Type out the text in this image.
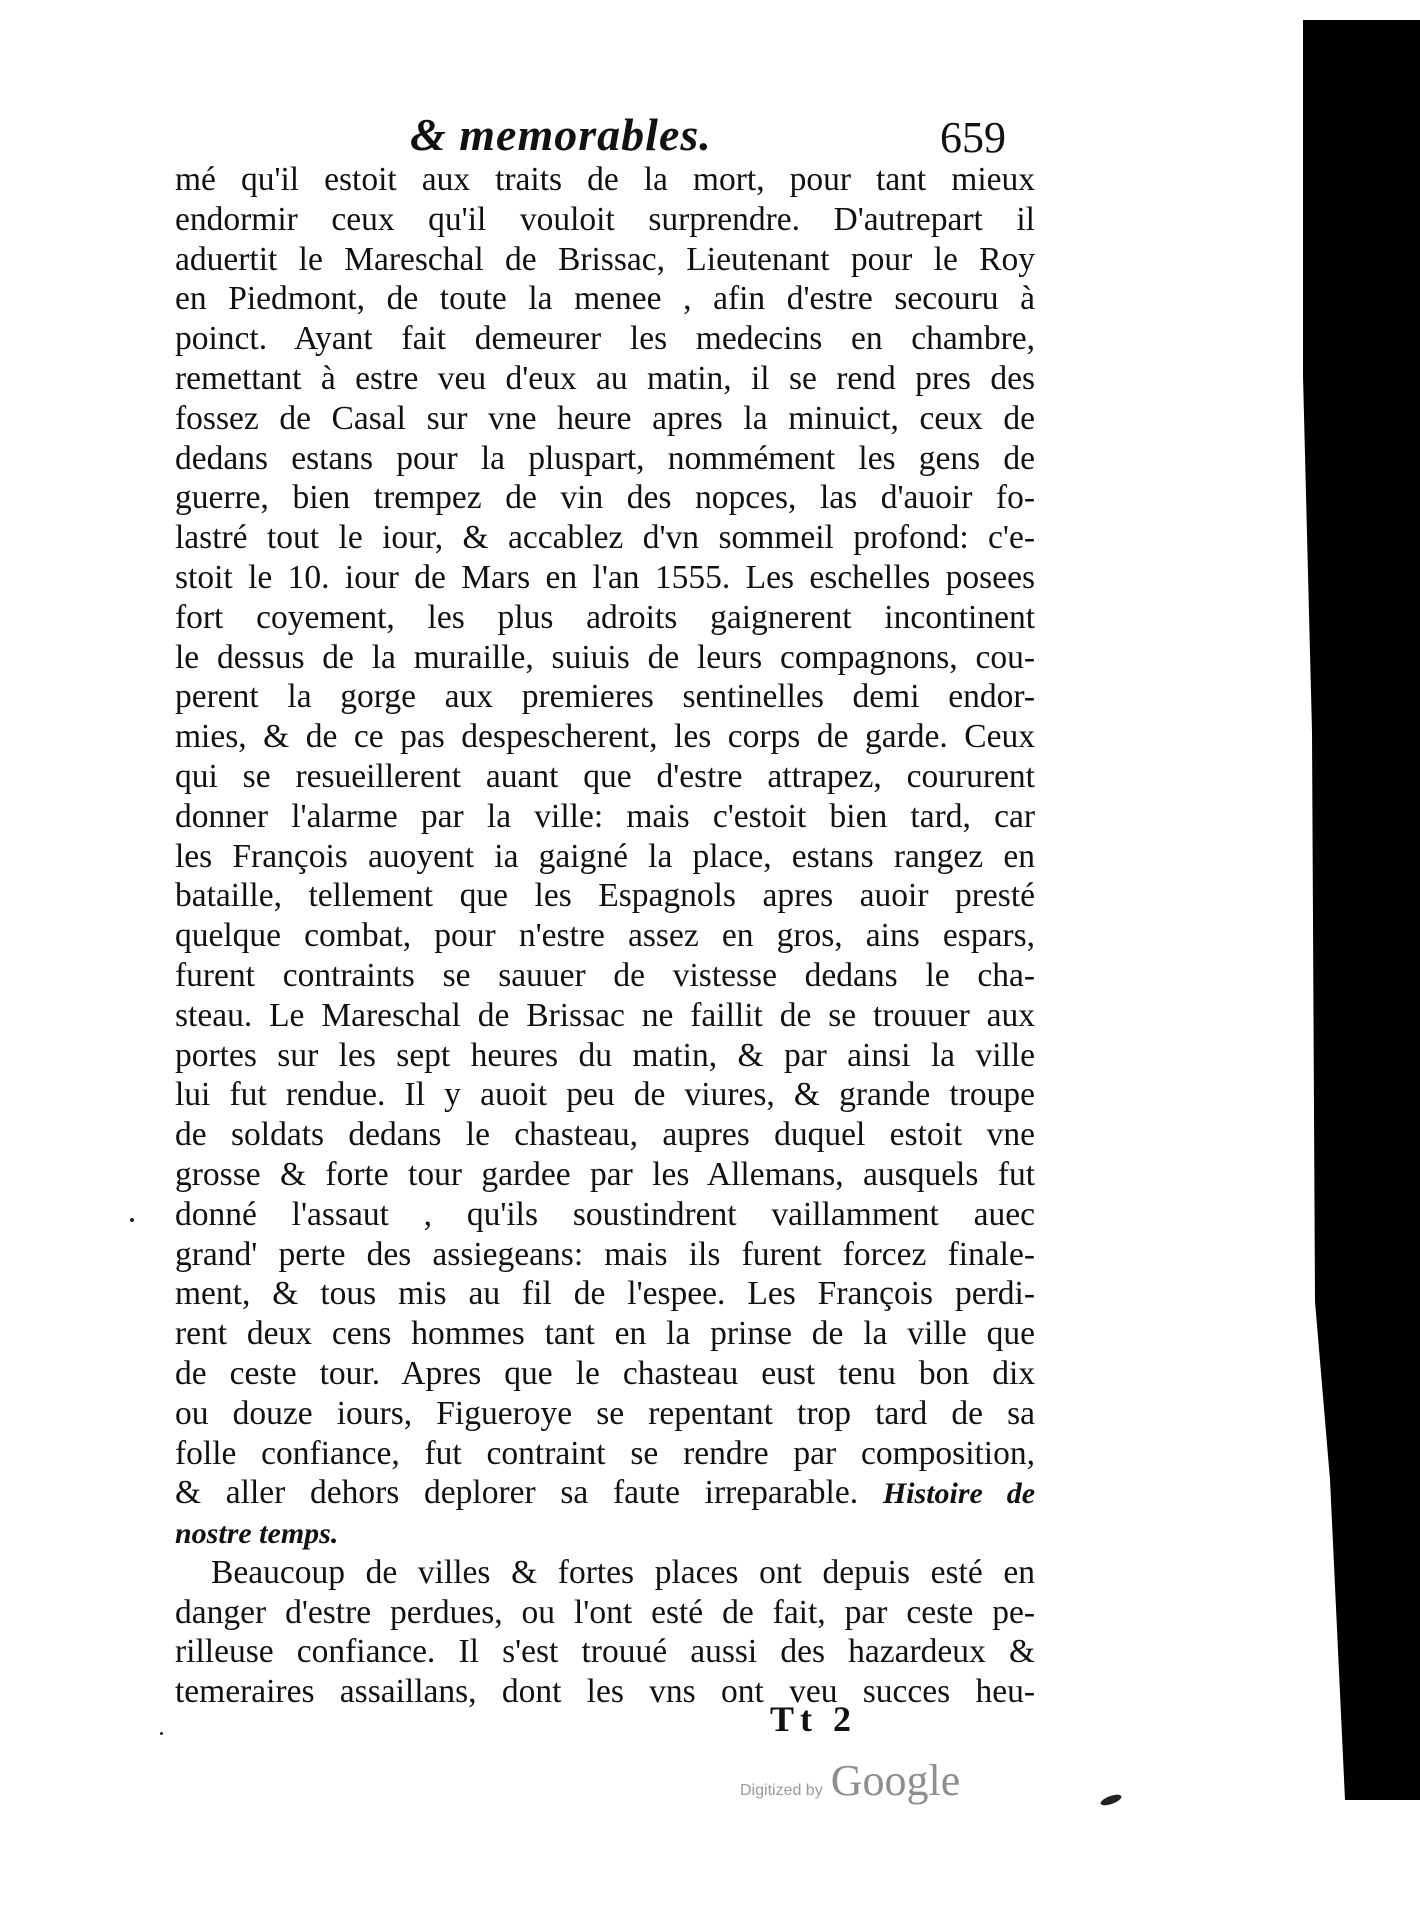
& memorables.	659
mé qu'il estoit aux traits de la mort, pour tant mieux
endormir ceux qu'il vouloit surprendre. D'autrepart il
aduertit le Mareschal de Brissac, Lieutenant pour le Roy
en Piedmont, de toute la menee , afin d'estre secouru à
poinct. Ayant fait demeurer les medecins en chambre,
remettant à estre veu d'eux au matin, il se rend pres des
fossez de Casal sur vne heure apres la minuict, ceux de
dedans estans pour la pluspart, nommément les gens de
guerre, bien trempez de vin des nopces, las d'auoir fo-
lastré tout le iour, & accablez d'vn sommeil profond: c'e-
stoit le 10. iour de Mars en l'an 1555. Les eschelles posees
fort coyement, les plus adroits gaignerent incontinent
le dessus de la muraille, suiuis de leurs compagnons, cou-
perent la gorge aux premieres sentinelles demi endor-
mies, & de ce pas despescherent, les corps de garde. Ceux
qui se resueillerent auant que d'estre attrapez, coururent
donner l'alarme par la ville: mais c'estoit bien tard, car
les François auoyent ia gaigné la place, estans rangez en
bataille, tellement que les Espagnols apres auoir presté
quelque combat, pour n'estre assez en gros, ains espars,
furent contraints se sauuer de vistesse dedans le cha-
steau. Le Mareschal de Brissac ne faillit de se trouuer aux
portes sur les sept heures du matin, & par ainsi la ville
lui fut rendue. Il y auoit peu de viures, & grande troupe
de soldats dedans le chasteau, aupres duquel estoit vne
grosse & forte tour gardee par les Allemans, ausquels fut
donné l'assaut , qu'ils soustindrent vaillamment auec
grand' perte des assiegeans: mais ils furent forcez finale-
ment, & tous mis au fil de l'espee. Les François perdi-
rent deux cens hommes tant en la prinse de la ville que
de ceste tour. Apres que le chasteau eust tenu bon dix
ou douze iours, Figueroye se repentant trop tard de sa
folle confiance, fut contraint se rendre par composition,
& aller dehors deplorer sa faute irreparable. Histoire de
nostre temps.
Beaucoup de villes & fortes places ont depuis esté en
danger d'estre perdues, ou l'ont esté de fait, par ceste pe-
rilleuse confiance. Il s'est trouué aussi des hazardeux &
temeraires assaillans, dont les vns ont veu succes heu-
Tt 2
Digitized by Google
